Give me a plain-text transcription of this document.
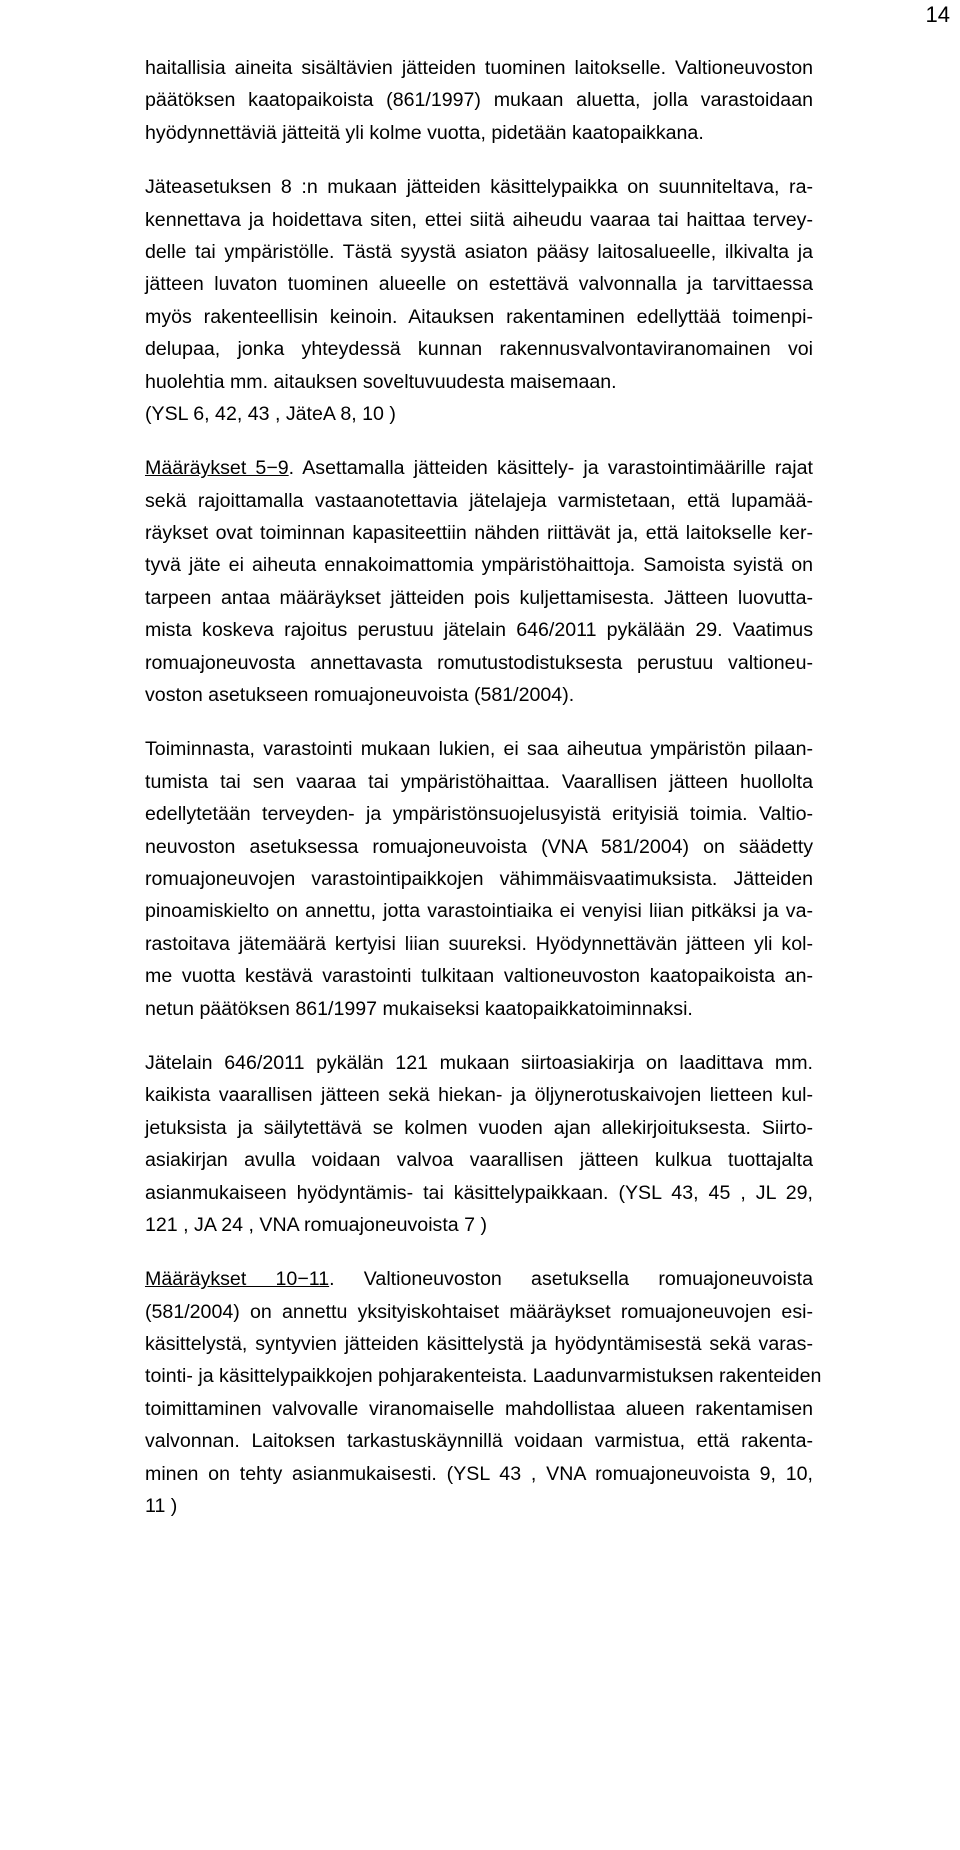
14
haitallisia aineita sisältävien jätteiden tuominen laitokselle. Valtioneuvoston
päätöksen kaatopaikoista (861/1997) mukaan aluetta, jolla varastoidaan
hyödynnettäviä jätteitä yli kolme vuotta, pidetään kaatopaikkana.
Jäteasetuksen 8 :n mukaan jätteiden käsittelypaikka on suunniteltava, ra-
kennettava ja hoidettava siten, ettei siitä aiheudu vaaraa tai haittaa tervey-
delle tai ympäristölle. Tästä syystä asiaton pääsy laitosalueelle, ilkivalta ja
jätteen luvaton tuominen alueelle on estettävä valvonnalla ja tarvittaessa
myös rakenteellisin keinoin. Aitauksen rakentaminen edellyttää toimenpi-
delupaa, jonka yhteydessä kunnan rakennusvalvontaviranomainen voi
huolehtia mm. aitauksen soveltuvuudesta maisemaan.
(YSL 6, 42, 43 , JäteA 8, 10 )
Määräykset 5−9. Asettamalla jätteiden käsittely- ja varastointimäärille rajat
sekä rajoittamalla vastaanotettavia jätelajeja varmistetaan, että lupamää-
räykset ovat toiminnan kapasiteettiin nähden riittävät ja, että laitokselle ker-
tyvä jäte ei aiheuta ennakoimattomia ympäristöhaittoja. Samoista syistä on
tarpeen antaa määräykset jätteiden pois kuljettamisesta. Jätteen luovutta-
mista koskeva rajoitus perustuu jätelain 646/2011 pykälään 29. Vaatimus
romuajoneuvosta annettavasta romutustodistuksesta perustuu valtioneu-
voston asetukseen romuajoneuvoista (581/2004).
Toiminnasta, varastointi mukaan lukien, ei saa aiheutua ympäristön pilaan-
tumista tai sen vaaraa tai ympäristöhaittaa. Vaarallisen jätteen huollolta
edellytetään terveyden- ja ympäristönsuojelusyistä erityisiä toimia. Valtio-
neuvoston asetuksessa romuajoneuvoista (VNA 581/2004) on säädetty
romuajoneuvojen varastointipaikkojen vähimmäisvaatimuksista. Jätteiden
pinoamiskielto on annettu, jotta varastointiaika ei venyisi liian pitkäksi ja va-
rastoitava jätemäärä kertyisi liian suureksi. Hyödynnettävän jätteen yli kol-
me vuotta kestävä varastointi tulkitaan valtioneuvoston kaatopaikoista an-
netun päätöksen 861/1997 mukaiseksi kaatopaikkatoiminnaksi.
Jätelain 646/2011 pykälän 121 mukaan siirtoasiakirja on laadittava mm.
kaikista vaarallisen jätteen sekä hiekan- ja öljynerotuskaivojen lietteen kul-
jetuksista ja säilytettävä se kolmen vuoden ajan allekirjoituksesta. Siirto-
asiakirjan avulla voidaan valvoa vaarallisen jätteen kulkua tuottajalta
asianmukaiseen hyödyntämis- tai käsittelypaikkaan. (YSL 43, 45 , JL 29,
121 , JA 24 , VNA romuajoneuvoista 7 )
Määräykset 10−11. Valtioneuvoston asetuksella romuajoneuvoista
(581/2004) on annettu yksityiskohtaiset määräykset romuajoneuvojen esi-
käsittelystä, syntyvien jätteiden käsittelystä ja hyödyntämisestä sekä varas-
tointi- ja käsittelypaikkojen pohjarakenteista. Laadunvarmistuksen rakenteiden
toimittaminen valvovalle viranomaiselle mahdollistaa alueen rakentamisen
valvonnan. Laitoksen tarkastuskäynnillä voidaan varmistua, että rakenta-
minen on tehty asianmukaisesti. (YSL 43 , VNA romuajoneuvoista 9, 10,
11 )
